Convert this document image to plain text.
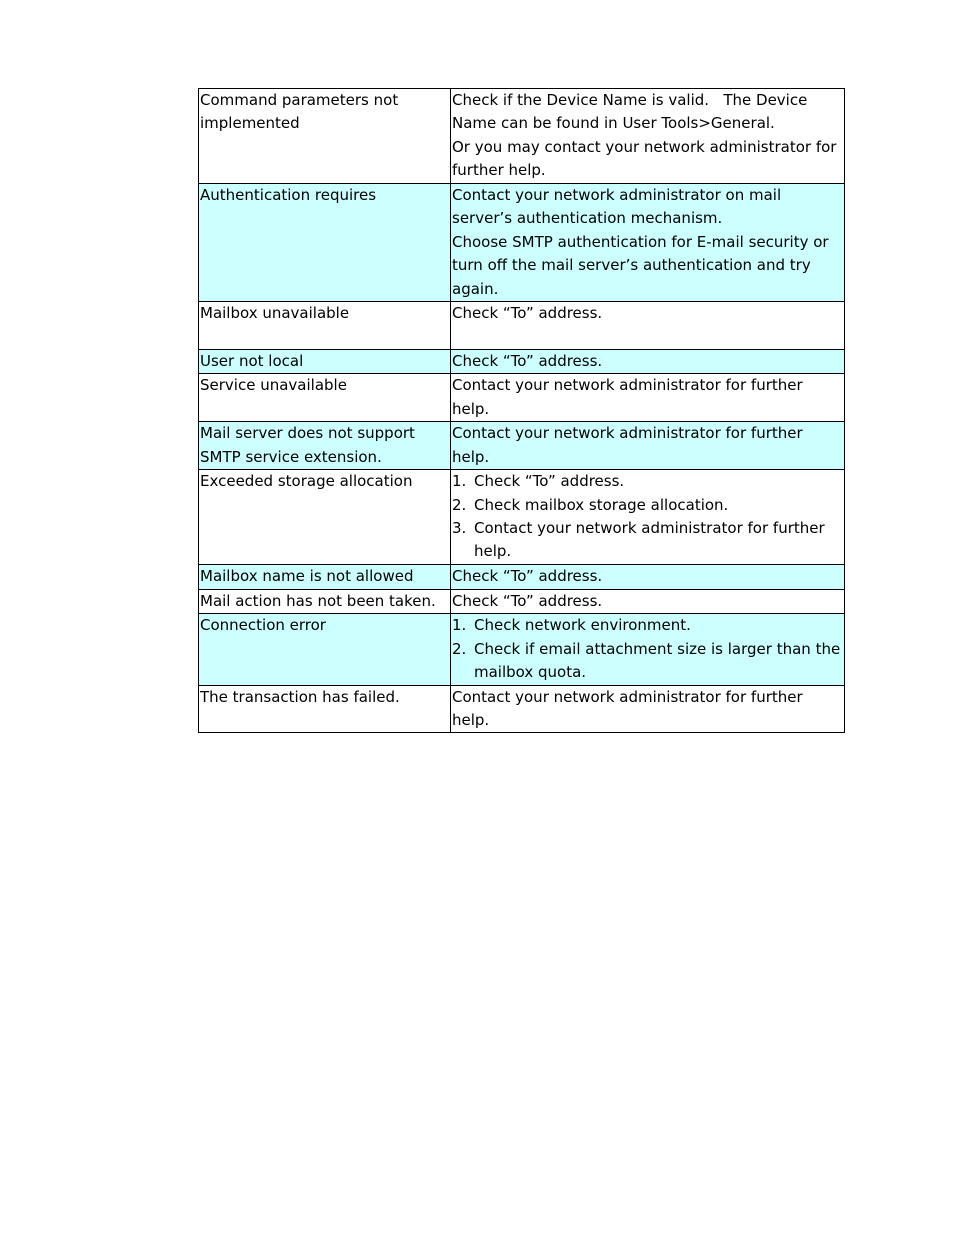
Command parameters not implemented	Check if the Device Name is valid.   The Device Name can be found in User Tools>General.
Or you may contact your network administrator for further help.

Authentication requires	Contact your network administrator on mail server’s authentication mechanism.
Choose SMTP authentication for E-mail security or turn off the mail server’s authentication and try again.

Mailbox unavailable	Check “To” address.

User not local	Check “To” address.

Service unavailable	Contact your network administrator for further help.

Mail server does not support SMTP service extension.	Contact your network administrator for further help.

Exceeded storage allocation	1. Check “To” address.
2. Check mailbox storage allocation.
3. Contact your network administrator for further help.

Mailbox name is not allowed	Check “To” address.

Mail action has not been taken.	Check “To” address.

Connection error	1. Check network environment.
2. Check if email attachment size is larger than the mailbox quota.

The transaction has failed.	Contact your network administrator for further help.
